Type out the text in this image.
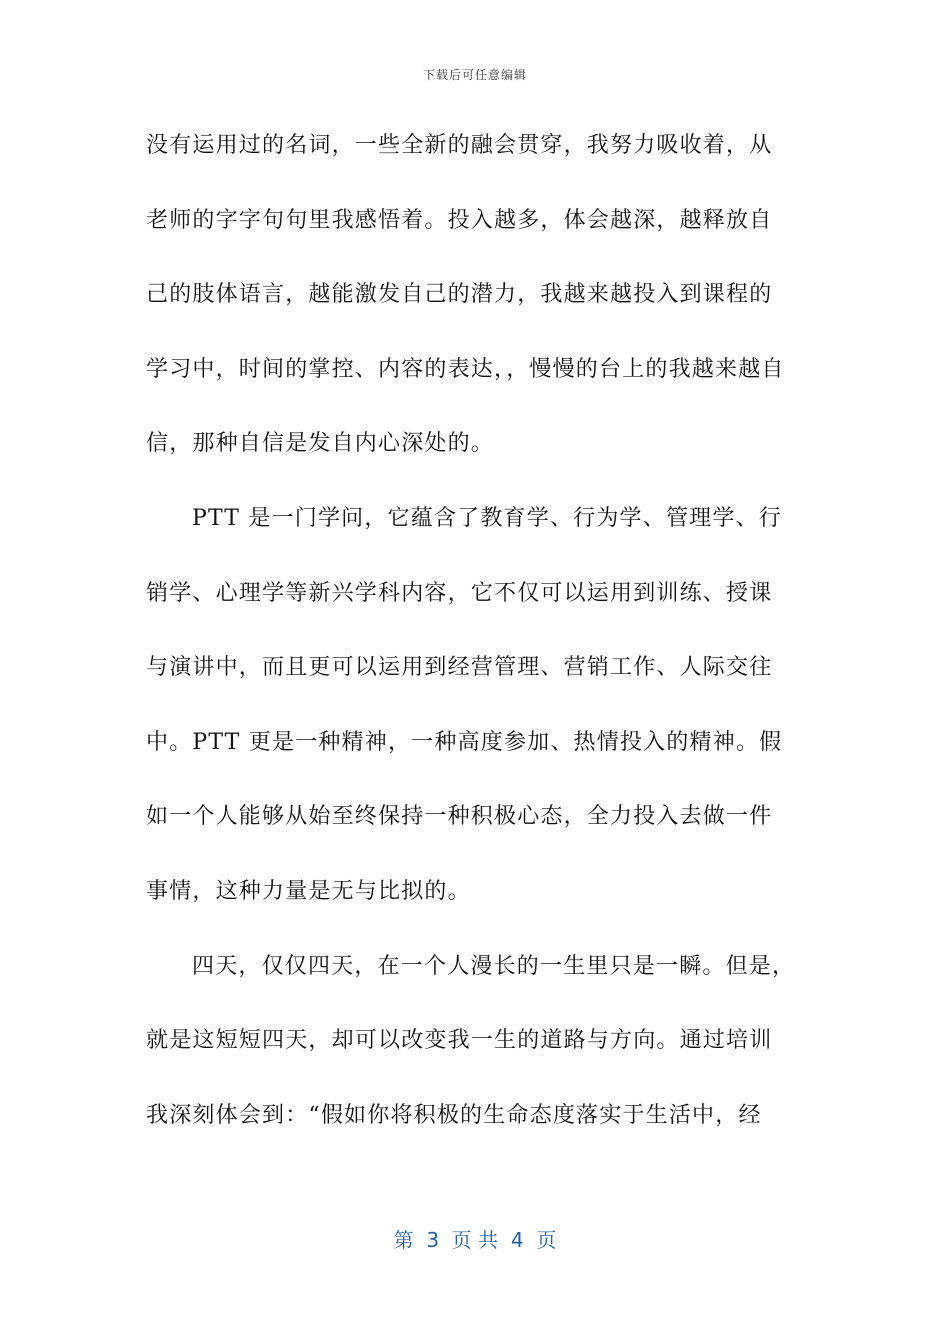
下载后可任意编辑
没有运用过的名词，一些全新的融会贯穿，我努力吸收着，从
老师的字字句句里我感悟着。投入越多，体会越深，越释放自
己的肢体语言，越能激发自己的潜力，我越来越投入到课程的
学习中，时间的掌控、内容的表达，，慢慢的台上的我越来越自
信，那种自信是发自内心深处的。
PTT 是一门学问，它蕴含了教育学、行为学、管理学、行
销学、心理学等新兴学科内容，它不仅可以运用到训练、授课
与演讲中，而且更可以运用到经营管理、营销工作、人际交往
中。PTT 更是一种精神，一种高度参加、热情投入的精神。假
如一个人能够从始至终保持一种积极心态，全力投入去做一件
事情，这种力量是无与比拟的。
四天，仅仅四天，在一个人漫长的一生里只是一瞬。但是，
就是这短短四天，却可以改变我一生的道路与方向。通过培训
我深刻体会到：“假如你将积极的生命态度落实于生活中，经
第  3  页 共  4  页
